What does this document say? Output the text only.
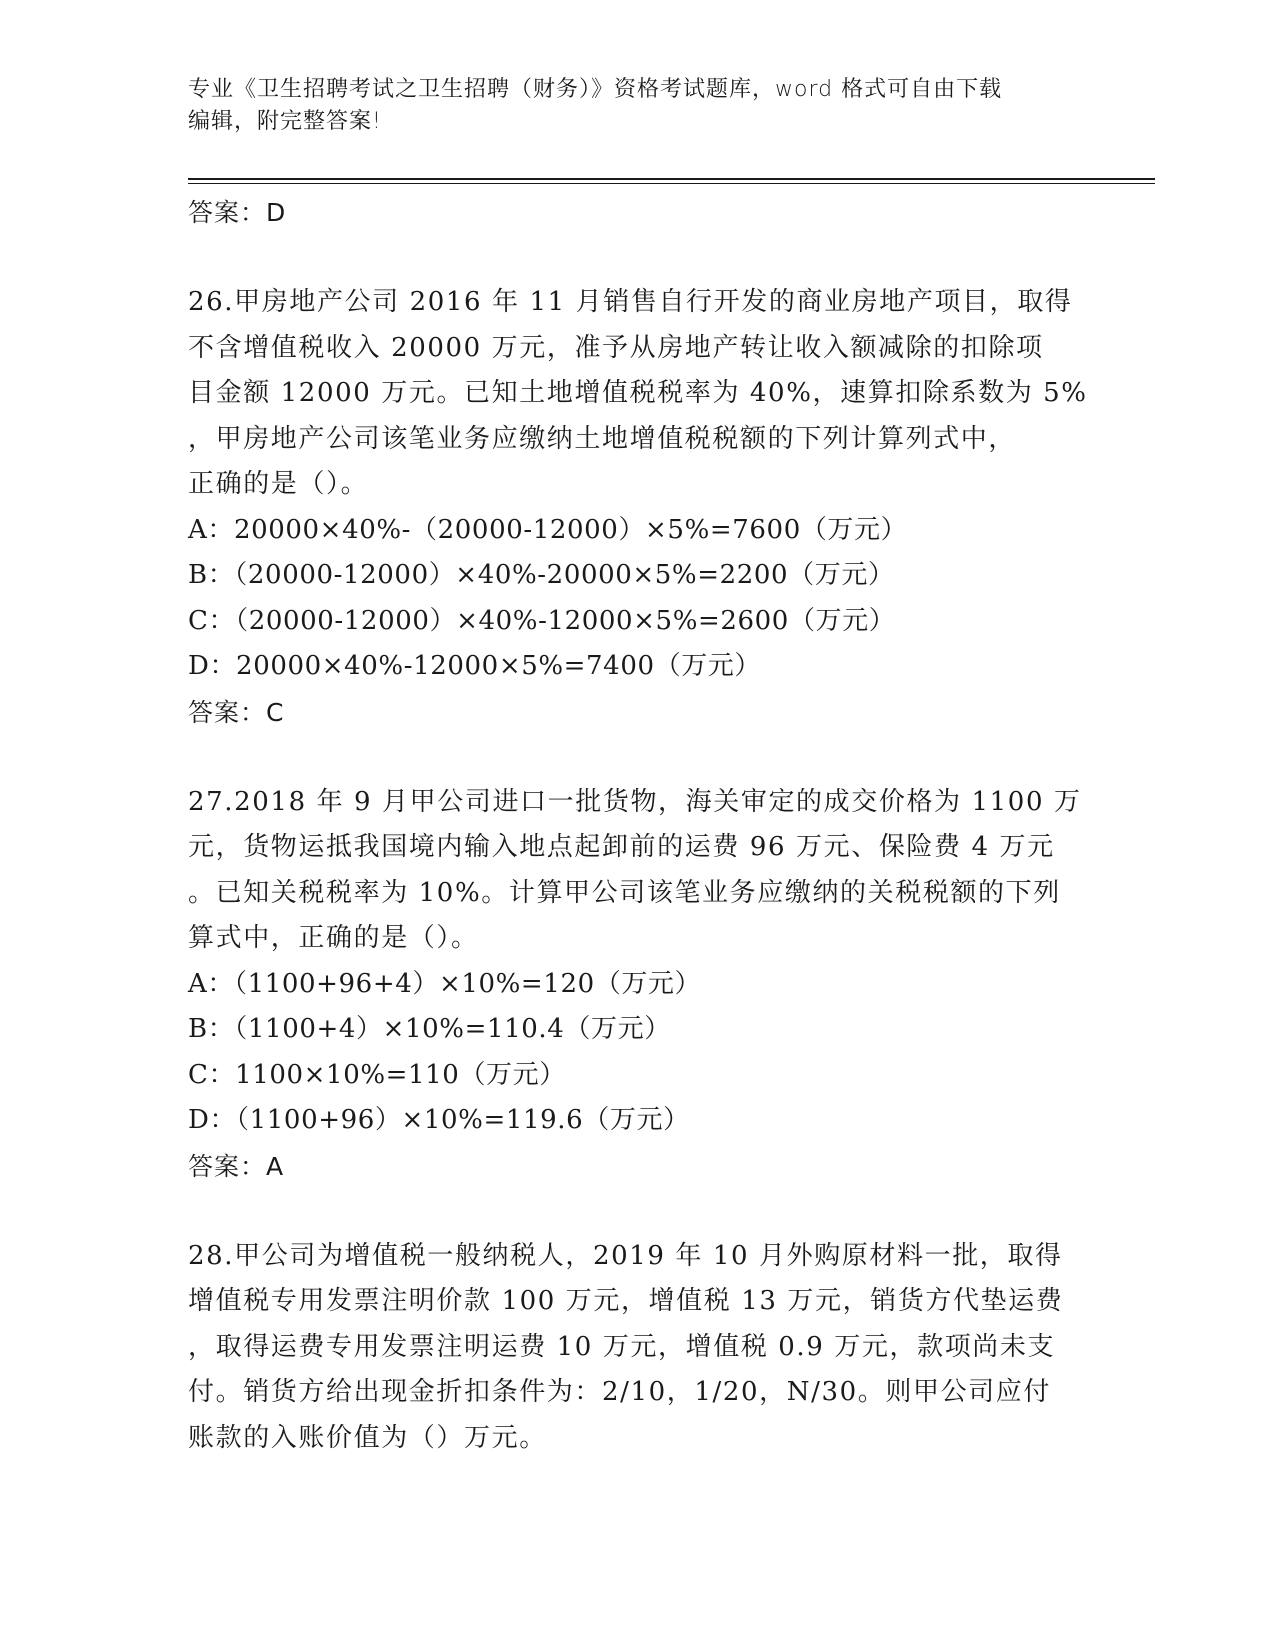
专业《卫生招聘考试之卫生招聘（财务）》资格考试题库，word 格式可自由下载
编辑，附完整答案!

答案：D

26.甲房地产公司 2016 年 11 月销售自行开发的商业房地产项目，取得

不含增值税收入 20000 万元，准予从房地产转让收入额减除的扣除项

目金额 12000 万元。已知土地增值税税率为 40%，速算扣除系数为 5%

，甲房地产公司该笔业务应缴纳土地增值税税额的下列计算列式中，

正确的是（）。

A：20000×40%-（20000-12000）×5%=7600（万元）

B：（20000-12000）×40%-20000×5%=2200（万元）

C：（20000-12000）×40%-12000×5%=2600（万元）

D：20000×40%-12000×5%=7400（万元）

答案：C

27.2018 年 9 月甲公司进口一批货物，海关审定的成交价格为 1100 万

元，货物运抵我国境内输入地点起卸前的运费 96 万元、保险费 4 万元

。已知关税税率为 10%。计算甲公司该笔业务应缴纳的关税税额的下列

算式中，正确的是（）。

A：（1100+96+4）×10%=120（万元）

B：（1100+4）×10%=110.4（万元）

C：1100×10%=110（万元）

D：（1100+96）×10%=119.6（万元）

答案：A

28.甲公司为增值税一般纳税人，2019 年 10 月外购原材料一批，取得

增值税专用发票注明价款 100 万元，增值税 13 万元，销货方代垫运费

，取得运费专用发票注明运费 10 万元，增值税 0.9 万元，款项尚未支

付。销货方给出现金折扣条件为：2/10，1/20，N/30。则甲公司应付

账款的入账价值为（）万元。
